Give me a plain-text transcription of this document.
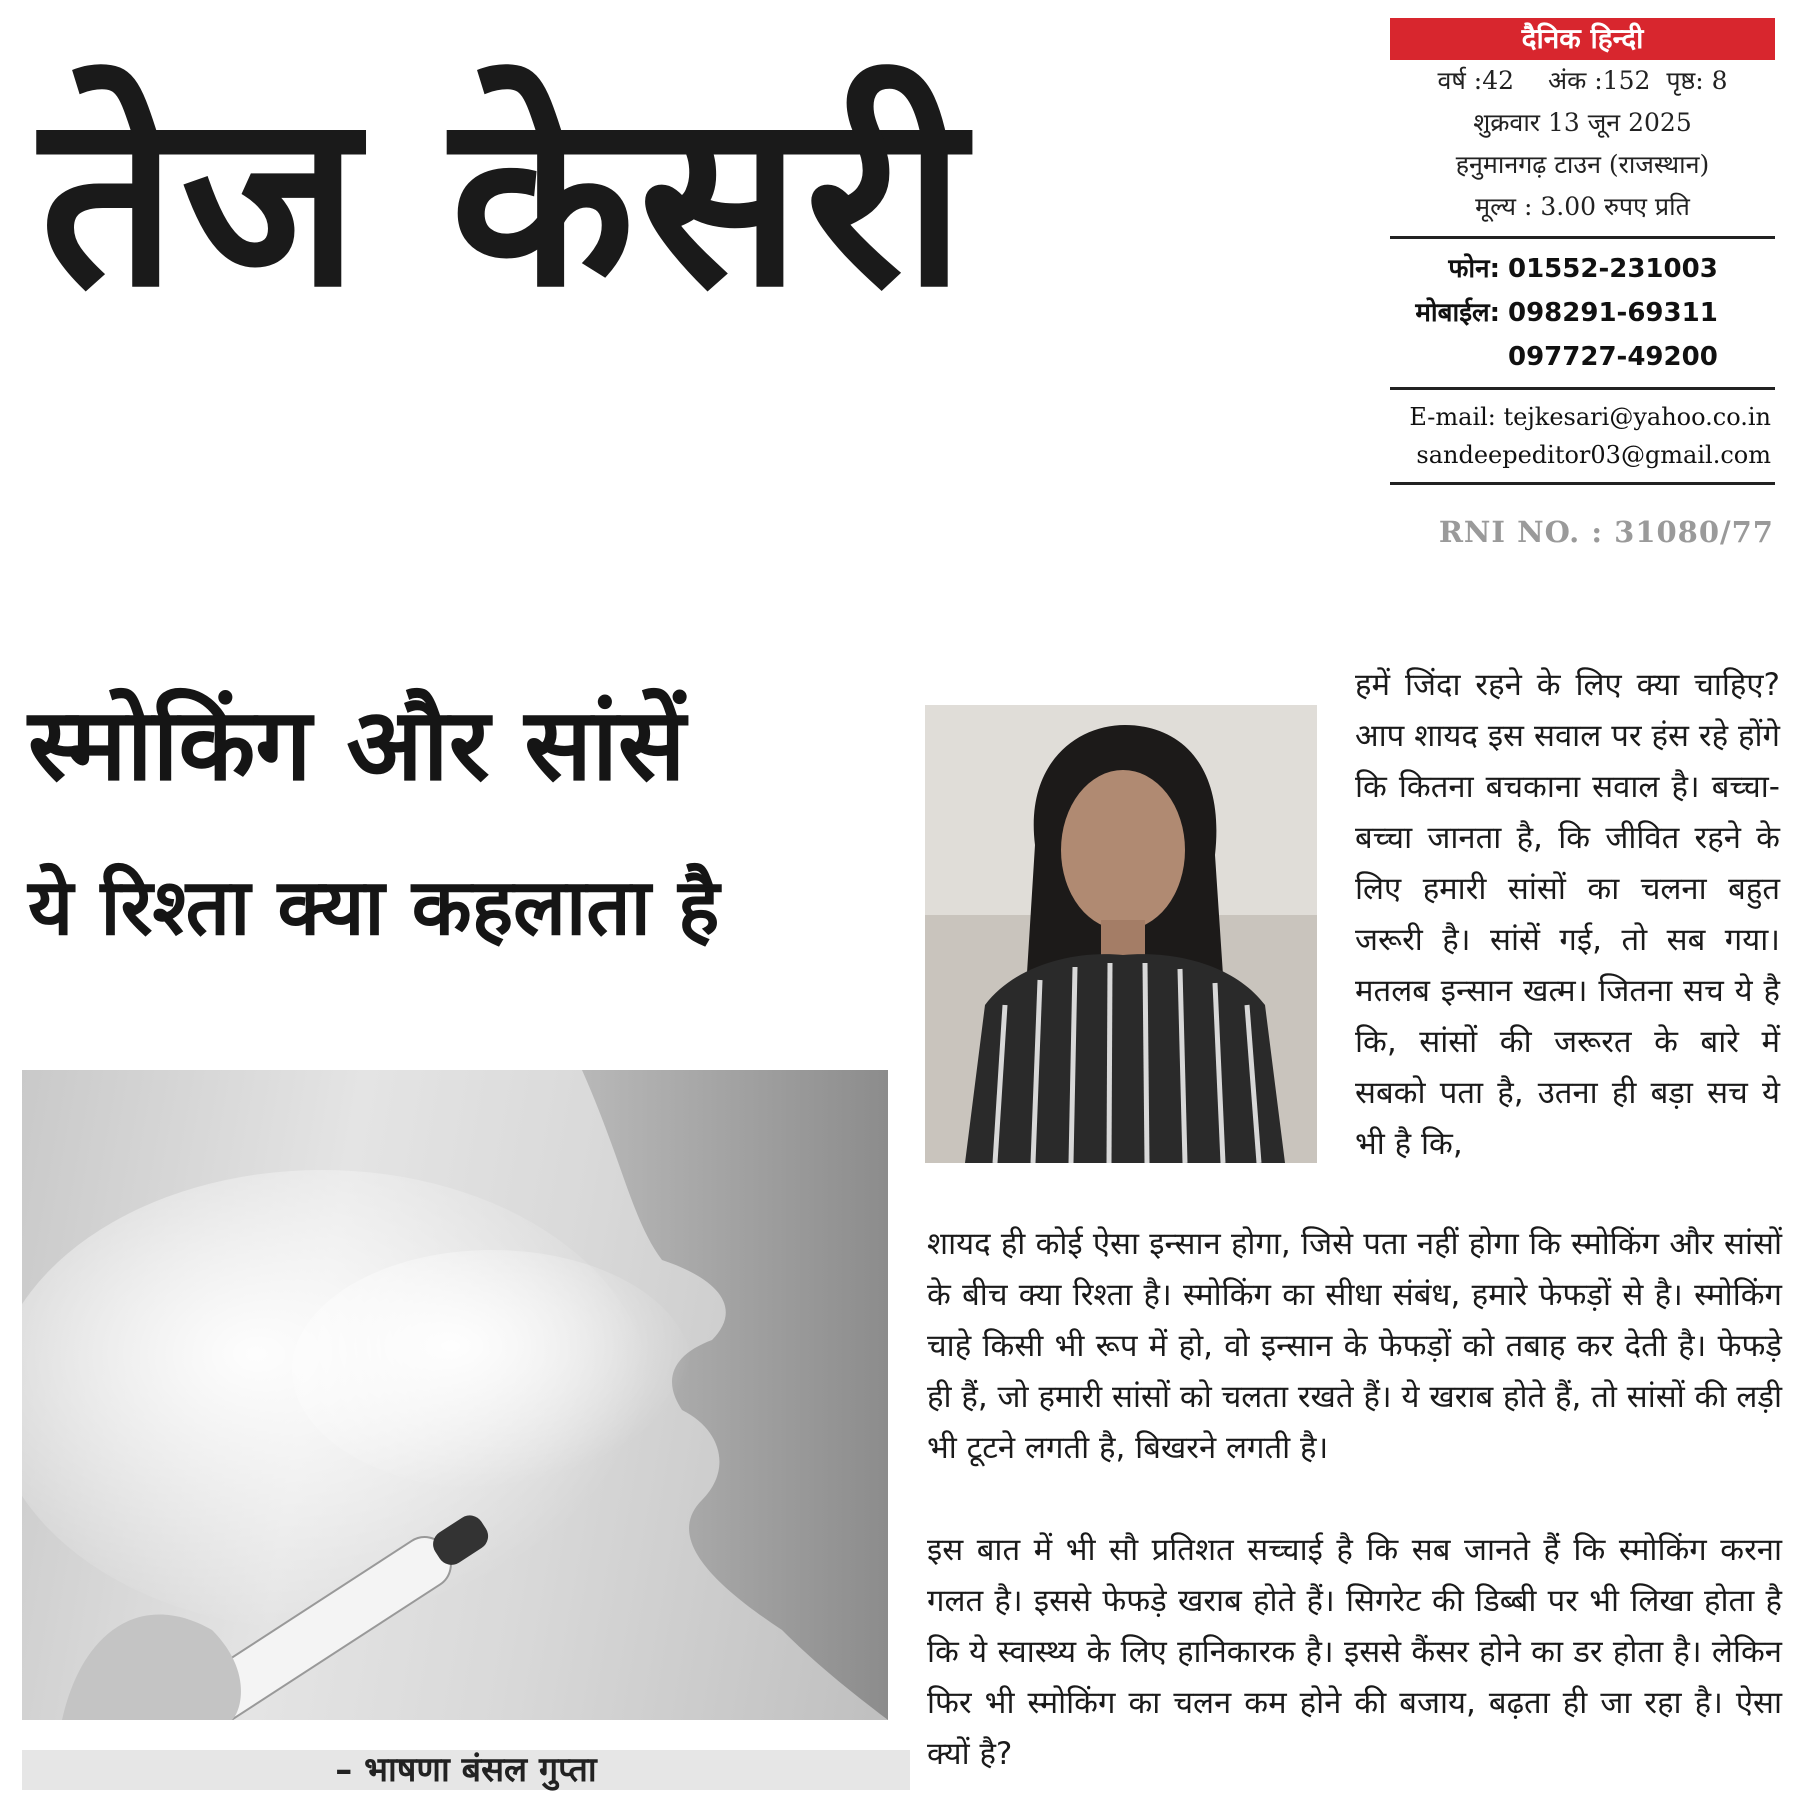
तेज केसरी
दैनिक हिन्दी
वर्ष :42 अंक :152 पृष्ठ: 8
शुक्रवार 13 जून 2025
हनुमानगढ़ टाउन (राजस्थान)
मूल्य : 3.00 रुपए प्रति
फोन: 01552-231003
मोबाईल: 098291-69311
097727-49200
E-mail: tejkesari@yahoo.co.in
sandeepeditor03@gmail.com
RNI NO. : 31080/77
स्मोकिंग और सांसें
ये रिश्ता क्या कहलाता है
– भाषणा बंसल गुप्ता

हमें जिंदा रहने के लिए क्या चाहिए? आप शायद इस सवाल पर हंस रहे होंगे कि कितना बचकाना सवाल है। बच्चा-बच्चा जानता है, कि जीवित रहने के लिए हमारी सांसों का चलना बहुत जरूरी है। सांसें गई, तो सब गया। मतलब इन्सान खत्म। जितना सच ये है कि, सांसों की जरूरत के बारे में सबको पता है, उतना ही बड़ा सच ये भी है कि,

शायद ही कोई ऐसा इन्सान होगा, जिसे पता नहीं होगा कि स्मोकिंग और सांसों के बीच क्या रिश्ता है। स्मोकिंग का सीधा संबंध, हमारे फेफड़ों से है। स्मोकिंग चाहे किसी भी रूप में हो, वो इन्सान के फेफड़ों को तबाह कर देती है। फेफड़े ही हैं, जो हमारी सांसों को चलता रखते हैं। ये खराब होते हैं, तो सांसों की लड़ी भी टूटने लगती है, बिखरने लगती है।

इस बात में भी सौ प्रतिशत सच्चाई है कि सब जानते हैं कि स्मोकिंग करना गलत है। इससे फेफड़े खराब होते हैं। सिगरेट की डिब्बी पर भी लिखा होता है कि ये स्वास्थ्य के लिए हानिकारक है। इससे कैंसर होने का डर होता है। लेकिन फिर भी स्मोकिंग का चलन कम होने की बजाय, बढ़ता ही जा रहा है। ऐसा क्यों है?
